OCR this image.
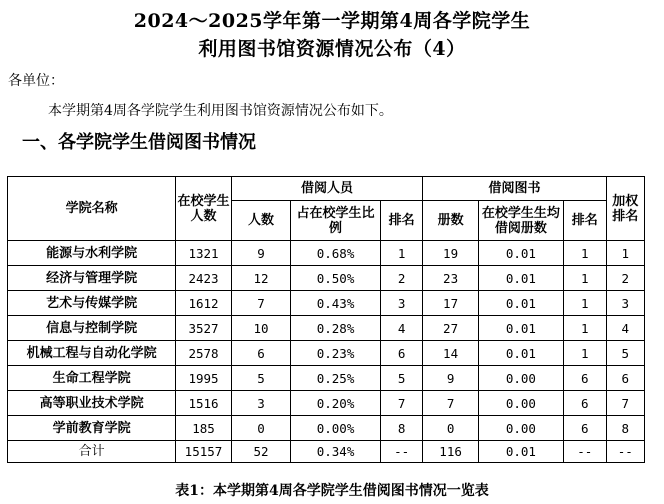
2024～2025学年第一学期第4周各学院学生
利用图书馆资源情况公布（4）
各单位：
本学期第4周各学院学生利用图书馆资源情况公布如下。
一、各学院学生借阅图书情况
学院名称	在校学生人数	借阅人员			借阅图书			加权排名
		人数	占在校学生比例	排名	册数	在校学生生均借阅册数	排名	
能源与水利学院	1321	9	0.68%	1	19	0.01	1	1
经济与管理学院	2423	12	0.50%	2	23	0.01	1	2
艺术与传媒学院	1612	7	0.43%	3	17	0.01	1	3
信息与控制学院	3527	10	0.28%	4	27	0.01	1	4
机械工程与自动化学院	2578	6	0.23%	6	14	0.01	1	5
生命工程学院	1995	5	0.25%	5	9	0.00	6	6
高等职业技术学院	1516	3	0.20%	7	7	0.00	6	7
学前教育学院	185	0	0.00%	8	0	0.00	6	8
合计	15157	52	0.34%	--	116	0.01	--	--
表1：本学期第4周各学院学生借阅图书情况一览表
